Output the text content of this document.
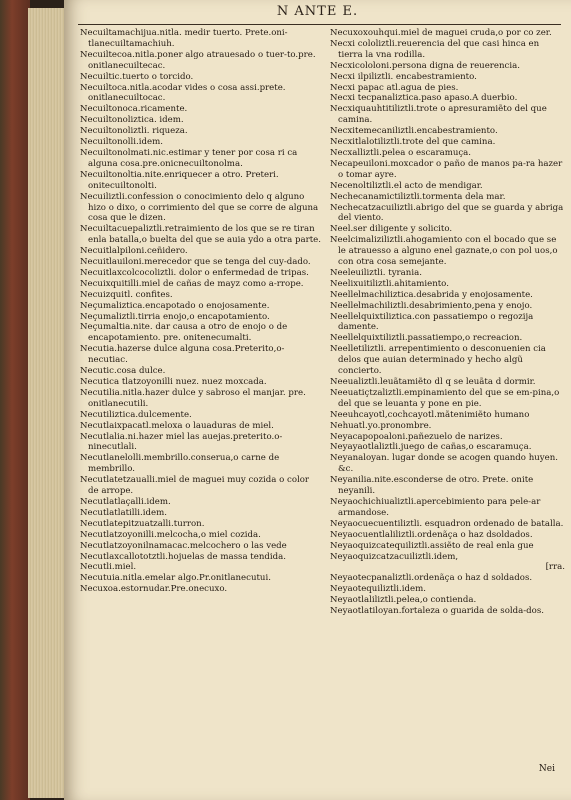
N ANTE E.

Necuiltamachijua.nitla. medir tuerto. Prete.oni-tlanecuiltamachiuh.

Necuiltecoa.nitla.poner algo atrauesado o tuer-to.pre. onitlanecuiltecac.

Necuiltic.tuerto o torcido.

Necuiltoca.nitla.acodar vides o cosa assi.prete. onitlanecuiltocac.

Necuiltonoca.ricamente.

Necuiltonoliztica. idem.

Necuiltonoliztli. riqueza.

Necuiltonolli.idem.

Necuiltonolmati.nic.estimar y tener por cosa ri ca alguna cosa.pre.onicnecuiltonolma.

Necuiltonoltia.nite.enriquecer a otro. Preteri. onitecuiltonolti.

Necuiliztli.confession o conocimiento delo q alguno hizo o dixo, o corrimiento del que se corre de alguna cosa que le dizen.

Necuiltacuepaliztli.retraimiento de los que se re tiran enla batalla,o buelta del que se auia ydo a otra parte.

Necuitlalpiloni.ceñidero.

Necuitlauiloni.merecedor que se tenga del cuy-dado.

Necuitlaxcolcocoliztli. dolor o enfermedad de tripas.

Necuixquitilli.miel de cañas de mayz como a-rrope.

Necuizquitl. confites.

Neçumaliztica.encapotado o enojosamente.

Neçumaliztli.tirria enojo,o encapotamiento.

Neçumaltia.nite. dar causa a otro de enojo o de encapotamiento. pre. onitenecumalti.

Necutia.hazerse dulce alguna cosa.Preterito,o-necutiac.

Necutic.cosa dulce.

Necutica tlatzoyonilli nuez. nuez moxcada.

Necutilia.nitla.hazer dulce y sabroso el manjar. pre. onitlanecutili.

Necutiliztica.dulcemente.

Necutlaixpacatl.meloxa o lauaduras de miel.

Necutlalia.ni.hazer miel las auejas.preterito.o-ninecutlali.

Necutlanelolli.membrillo.conserua,o carne de membrillo.

Necutlatetzaualli.miel de maguei muy cozida o color de arrope.

Necutlatlaçalli.idem.

Necutlatlatilli.idem.

Necutlatepitzuatzalli.turron.

Necutlatzoyonilli.melcocha,o miel cozida.

Necutlatzoyonilnamacac.melcochero o las vede

Necutlaxcallototztli.hojuelas de massa tendida.

Necutli.miel.

Necutuia.nitla.emelar algo.Pr.onitlanecutui.

Necuxoa.estornudar.Pre.onecuxo.

Necuxoxouhqui.miel de maguei cruda,o por co zer.

Necxi cololiztli.reuerencia del que casi hinca en tierra la vna rodilla.

Necxicololoni.persona digna de reuerencia.

Necxi ilpiliztli. encabestramiento.

Necxi papac atl.agua de pies.

Necxi tecpanaliztica.paso apaso.A duerbio.

Necxiquauhtitiliztli.trote o apresuramiẽto del que camina.

Necxitemecaniliztli.encabestramiento.

Necxitlalotiliztli.trote del que camina.

Necxalliztli.pelea o escaramuça.

Necapeuiloni.moxcador o paño de manos pa-ra hazer o tomar ayre.

Necenoltiliztli.el acto de mendigar.

Nechecanamictiliztli.tormenta dela mar.

Nechecatzacuiliztli.abrigo del que se guarda y abriga del viento.

Neel.ser diligente y solicito.

Neelcimaliziliztli.ahogamiento con el bocado que se le atrauesso a alguno enel gaznate,o con pol uos,o con otra cosa semejante.

Neeleuiliztli. tyrania.

Neelixuitiliztli.ahitamiento.

Neellelmachiliztica.desabrida y enojosamente.

Neellelmachiliztli.desabrimiento,pena y enojo.

Neellelquixtiliztica.con passatiempo o regozija damente.

Neellelquixtiliztli.passatiempo,o recreacion.

Neelletiliztli. arrepentimiento o desconuenien cia delos que auian determinado y hecho algũ concierto.

Neeualiztli.leuãtamiẽto dl q se leuãta d dormir.

Neeuatiçtzaliztli.empinamiento del que se em-pina,o del que se leuanta y pone en pie.

Neeuhcayotl,cochcayotl.mãtenimiẽto humano

Nehuatl.yo.pronombre.

Neyacapopoaloni.pañezuelo de narizes.

Neyayaotlaliztli.juego de cañas,o escaramuça.

Neyanaloyan. lugar donde se acogen quando huyen. &c.

Neyanilia.nite.esconderse de otro. Prete. onite neyanili.

Neyaochichiualiztli.apercebimiento para pele-ar armandose.

Neyaocuecuentiliztli. esquadron ordenado de batalla.

Neyaocuentlaliliztli.ordenãça o haz dsoldados.

Neyaoquizcatequiliztli.assiẽto de real enla gue

Neyaoquizcatzacuiliztli.idem,

[rra.

Neyaotecpanaliztli.ordenãça o haz d soldados.

Neyaotequiliztli.idem.

Neyaotlaliliztli.pelea,o contienda.

Neyaotlatiloyan.fortaleza o guarida de solda-dos.

Nei
